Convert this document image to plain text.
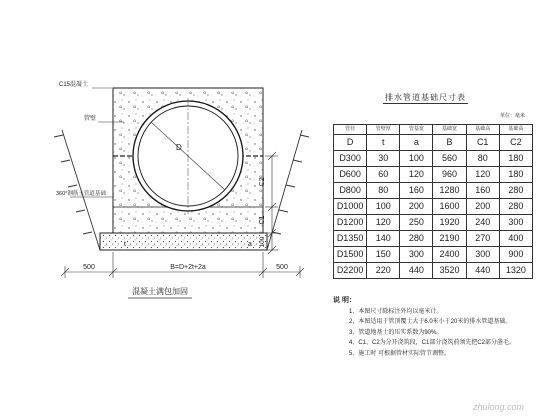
D
C15混凝土
管壁
360°钢筋土管道基础
C2
C1
100
t	a
500	B=D+2t+2a	500
混凝土满包加固
排水管道基础尺寸表
单位：毫米
管径	管壁厚	管基宽	基础宽	基础高	基础高
D	t	a	B	C1	C2
D300	30	100	560	80	180
D600	60	120	960	120	180
D800	80	160	1280	160	280
D1000	100	200	1600	200	280
D1200	120	250	1920	240	300
D1350	140	280	2190	270	400
D1500	150	300	2400	300	900
D2200	220	440	3520	440	1320
说 明：
1、本图尺寸除标注外均以毫米计。
2、本图适用于管顶覆土大于6.0米小于20米的排水管道基础。
3、管道地基土的压实系数为90%。
4、C1、C2为分开浇筑段，C1部分浇筑前须先把C2部分凿毛。
5、施工时 可根据管材实际管节调整。
zhulong.com
